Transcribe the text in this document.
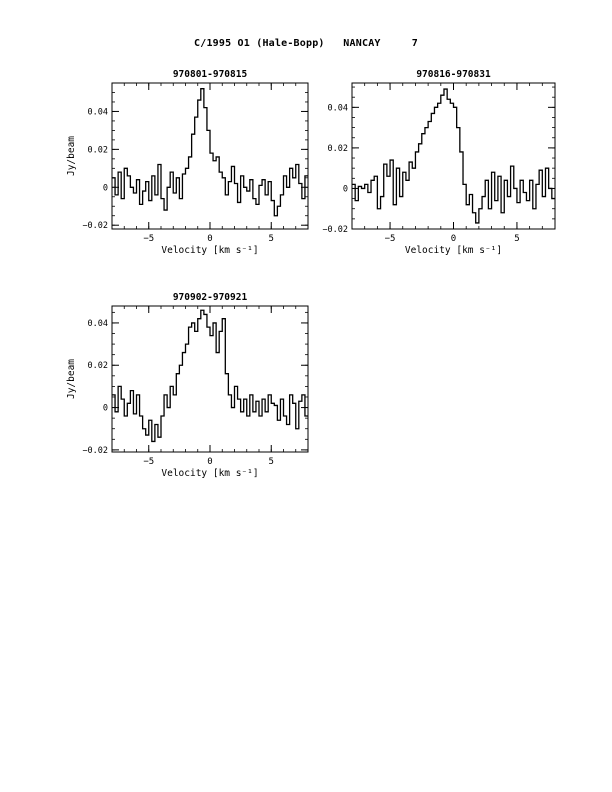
C/1995 O1 (Hale-Bopp)   NANCAY     7
970801-970815
−5	0	5
−0.02
0
0.02
0.04
Velocity [km s⁻¹]
Jy/beam
970816-970831
−5	0	5
−0.02
0
0.02
0.04
Velocity [km s⁻¹]
970902-970921
−5	0	5
−0.02
0
0.02
0.04
Velocity [km s⁻¹]
Jy/beam
